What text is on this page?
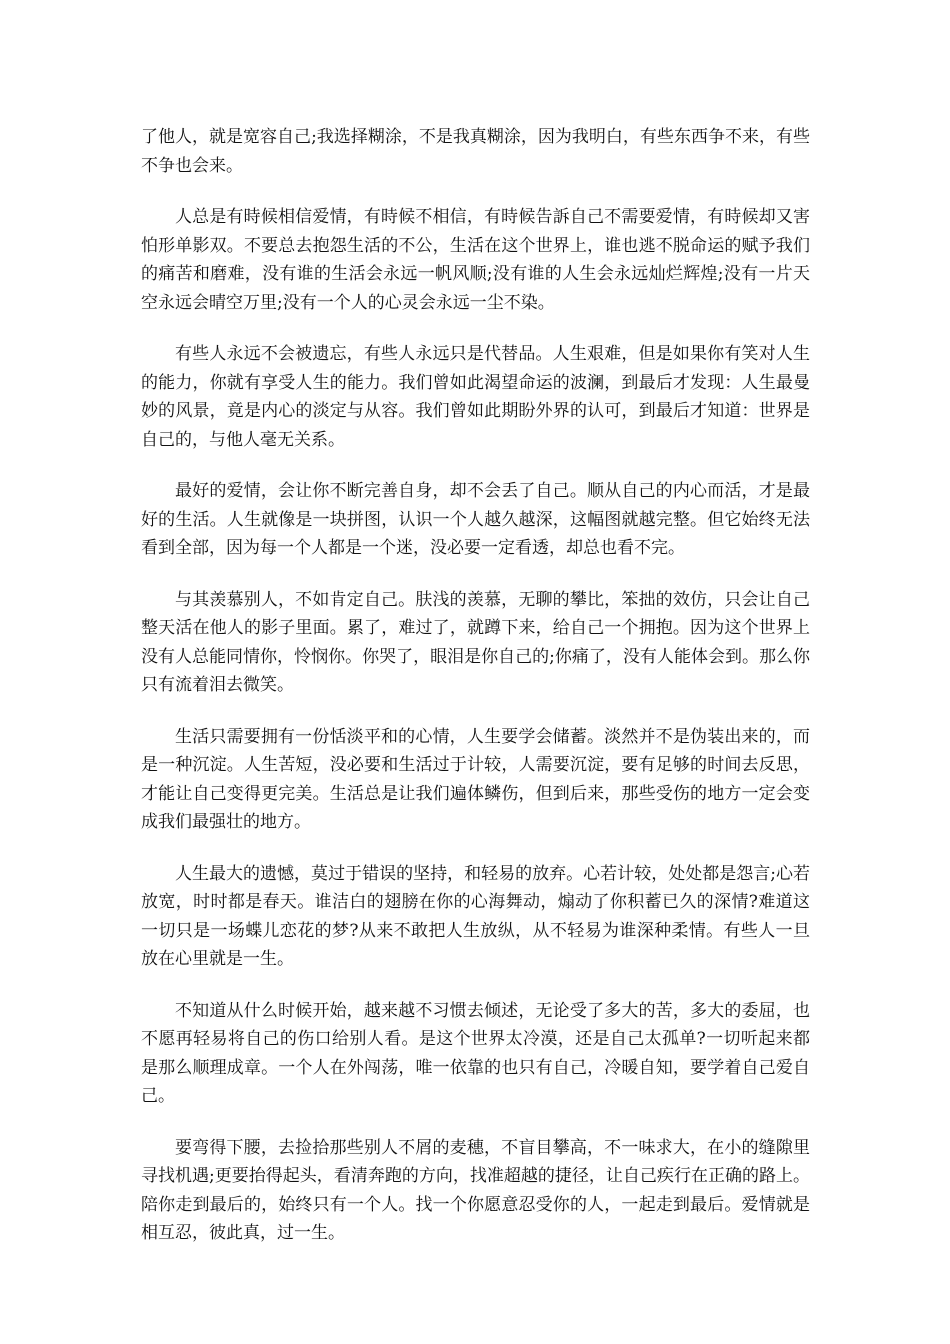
了他人，就是宽容自己;我选择糊涂，不是我真糊涂，因为我明白，有些东西争不来，有些不争也会来。

人总是有時候相信爱情，有時候不相信，有時候告訴自己不需要爱情，有時候却又害怕形单影双。不要总去抱怨生活的不公，生活在这个世界上，谁也逃不脱命运的赋予我们的痛苦和磨难，没有谁的生活会永远一帆风顺;没有谁的人生会永远灿烂辉煌;没有一片天空永远会晴空万里;没有一个人的心灵会永远一尘不染。

有些人永远不会被遗忘，有些人永远只是代替品。人生艰难，但是如果你有笑对人生的能力，你就有享受人生的能力。我们曾如此渴望命运的波澜，到最后才发现：人生最曼妙的风景，竟是内心的淡定与从容。我们曾如此期盼外界的认可，到最后才知道：世界是自己的，与他人毫无关系。

最好的爱情，会让你不断完善自身，却不会丢了自己。顺从自己的内心而活，才是最好的生活。人生就像是一块拼图，认识一个人越久越深，这幅图就越完整。但它始终无法看到全部，因为每一个人都是一个迷，没必要一定看透，却总也看不完。

与其羡慕别人，不如肯定自己。肤浅的羡慕，无聊的攀比，笨拙的效仿，只会让自己整天活在他人的影子里面。累了，难过了，就蹲下来，给自己一个拥抱。因为这个世界上没有人总能同情你，怜悯你。你哭了，眼泪是你自己的;你痛了，没有人能体会到。那么你只有流着泪去微笑。

生活只需要拥有一份恬淡平和的心情，人生要学会储蓄。淡然并不是伪装出来的，而是一种沉淀。人生苦短，没必要和生活过于计较，人需要沉淀，要有足够的时间去反思，才能让自己变得更完美。生活总是让我们遍体鳞伤，但到后来，那些受伤的地方一定会变成我们最强壮的地方。

人生最大的遗憾，莫过于错误的坚持，和轻易的放弃。心若计较，处处都是怨言;心若放宽，时时都是春天。谁洁白的翅膀在你的心海舞动，煽动了你积蓄已久的深情?难道这一切只是一场蝶儿恋花的梦?从来不敢把人生放纵，从不轻易为谁深种柔情。有些人一旦放在心里就是一生。

不知道从什么时候开始，越来越不习惯去倾述，无论受了多大的苦，多大的委屈，也不愿再轻易将自己的伤口给别人看。是这个世界太冷漠，还是自己太孤单?一切听起来都是那么顺理成章。一个人在外闯荡，唯一依靠的也只有自己，冷暖自知，要学着自己爱自己。

要弯得下腰，去捡拾那些别人不屑的麦穗，不盲目攀高，不一味求大，在小的缝隙里寻找机遇;更要抬得起头，看清奔跑的方向，找准超越的捷径，让自己疾行在正确的路上。陪你走到最后的，始终只有一个人。找一个你愿意忍受你的人，一起走到最后。爱情就是相互忍，彼此真，过一生。
